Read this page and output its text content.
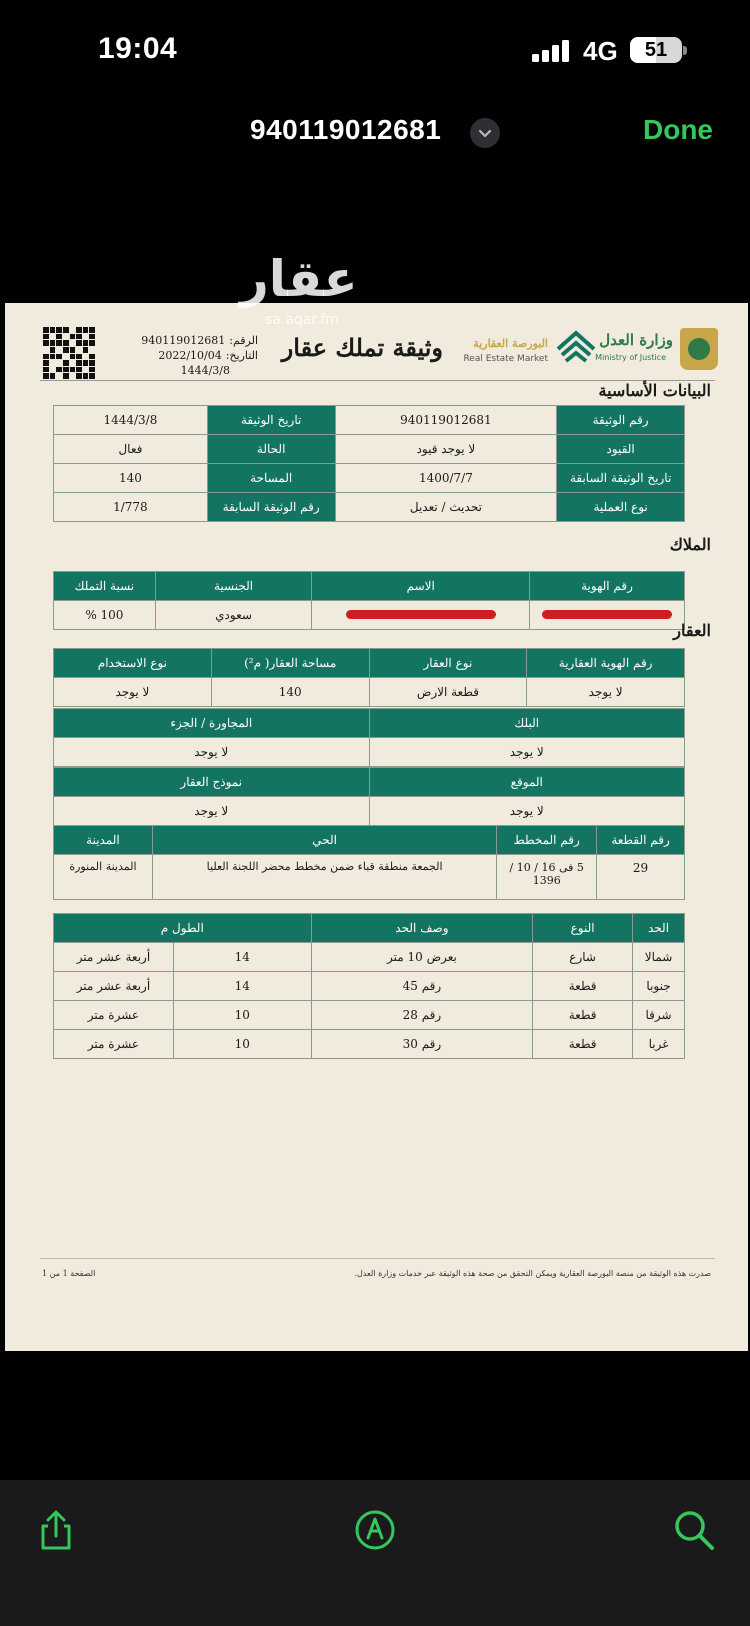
19:04	4G 51
940119012681	Done
عقار
sa.aqar.fm
وزارة العدل
Ministry of Justice
البورصة العقارية
Real Estate Market
وثيقة تملك عقار
الرقم:
940119012681
التاريخ:
2022/10/04
1444/3/8
البيانات الأساسية
رقم الوثيقة	940119012681	تاريخ الوثيقة	1444/3/8
القيود	لا يوجد قيود	الحالة	فعال
تاريخ الوثيقة السابقة	1400/7/7	المساحة	140
نوع العملية	تحديث / تعديل	رقم الوثيقة السابقة	1/778
الملاك
رقم الهوية	الاسم	الجنسية	نسبة التملك
		سعودي	100 %
العقار
رقم الهوية العقارية	نوع العقار	مساحة العقار( م²)	نوع الاستخدام
لا يوجد	قطعة الارض	140	لا يوجد
البلك	المجاورة / الجزء
لا يوجد	لا يوجد
الموقع	نموذج العقار
لا يوجد	لا يوجد
رقم القطعة	رقم المخطط	الحي	المدينة
29	5 فى 16 / 10 / 1396	الجمعة منطقة قباء ضمن مخطط محضر اللجنة العليا	المدينة المنورة
الحد	النوع	وصف الحد	الطول م	
شمالا	شارع	بعرض 10 متر	14	أربعة عشر متر
جنوبا	قطعة	رقم 45	14	أربعة عشر متر
شرقا	قطعة	رقم 28	10	عشرة متر
غربا	قطعة	رقم 30	10	عشرة متر
صدرت هذه الوثيقة من منصة البورصة العقارية ويمكن التحقق من صحة هذه الوثيقة عبر خدمات وزارة العدل.
الصفحة 1 من 1
